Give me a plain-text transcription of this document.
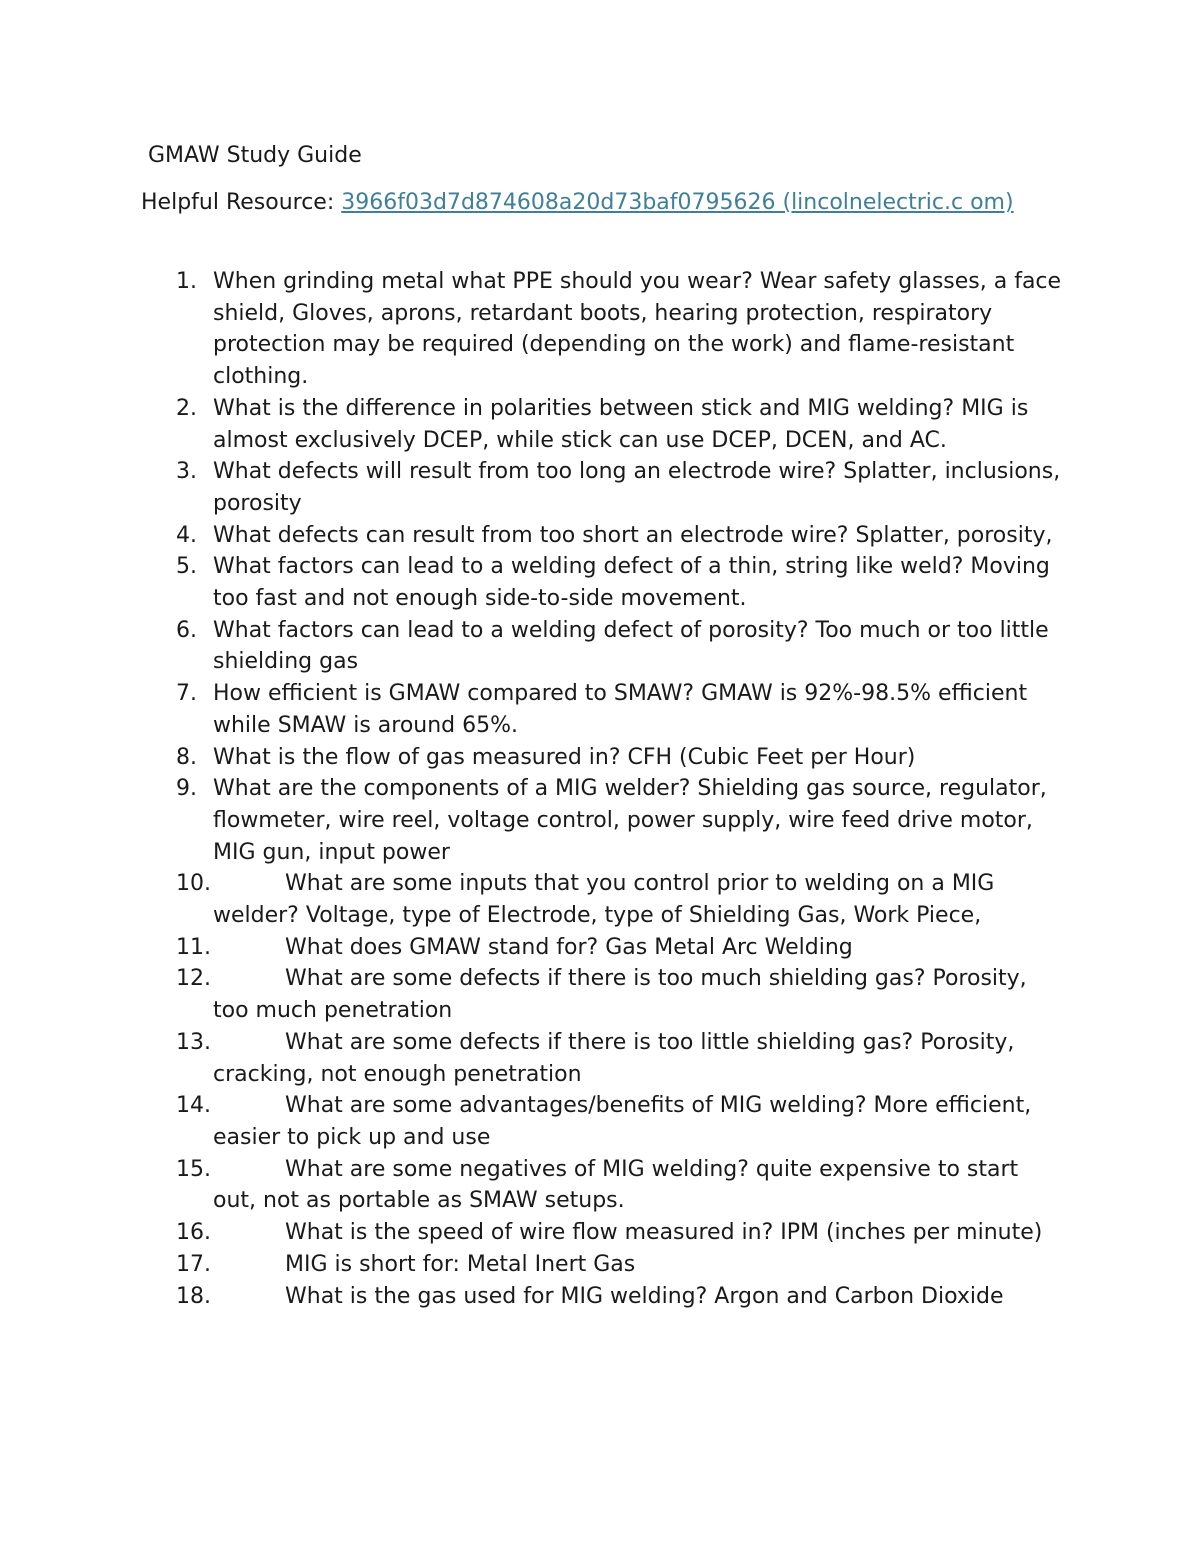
GMAW Study Guide
Helpful Resource: 3966f03d7d874608a20d73baf0795626 (lincolnelectric.c om)
1. When grinding metal what PPE should you wear? Wear safety glasses, a face shield, Gloves, aprons, retardant boots, hearing protection, respiratory protection may be required (depending on the work) and flame-resistant clothing.
2. What is the difference in polarities between stick and MIG welding? MIG is almost exclusively DCEP, while stick can use DCEP, DCEN, and AC.
3. What defects will result from too long an electrode wire? Splatter, inclusions, porosity
4. What defects can result from too short an electrode wire? Splatter, porosity,
5. What factors can lead to a welding defect of a thin, string like weld? Moving too fast and not enough side-to-side movement.
6. What factors can lead to a welding defect of porosity? Too much or too little shielding gas
7. How efficient is GMAW compared to SMAW? GMAW is 92%-98.5% efficient while SMAW is around 65%.
8. What is the flow of gas measured in? CFH (Cubic Feet per Hour)
9. What are the components of a MIG welder? Shielding gas source, regulator, flowmeter, wire reel, voltage control, power supply, wire feed drive motor, MIG gun, input power
10.	What are some inputs that you control prior to welding on a MIG welder? Voltage, type of Electrode, type of Shielding Gas, Work Piece,
11.	What does GMAW stand for? Gas Metal Arc Welding
12.	What are some defects if there is too much shielding gas? Porosity, too much penetration
13.	What are some defects if there is too little shielding gas? Porosity, cracking, not enough penetration
14.	What are some advantages/benefits of MIG welding? More efficient, easier to pick up and use
15.	What are some negatives of MIG welding? quite expensive to start out, not as portable as SMAW setups.
16.	What is the speed of wire flow measured in? IPM (inches per minute)
17.	MIG is short for: Metal Inert Gas
18.	What is the gas used for MIG welding? Argon and Carbon Dioxide
